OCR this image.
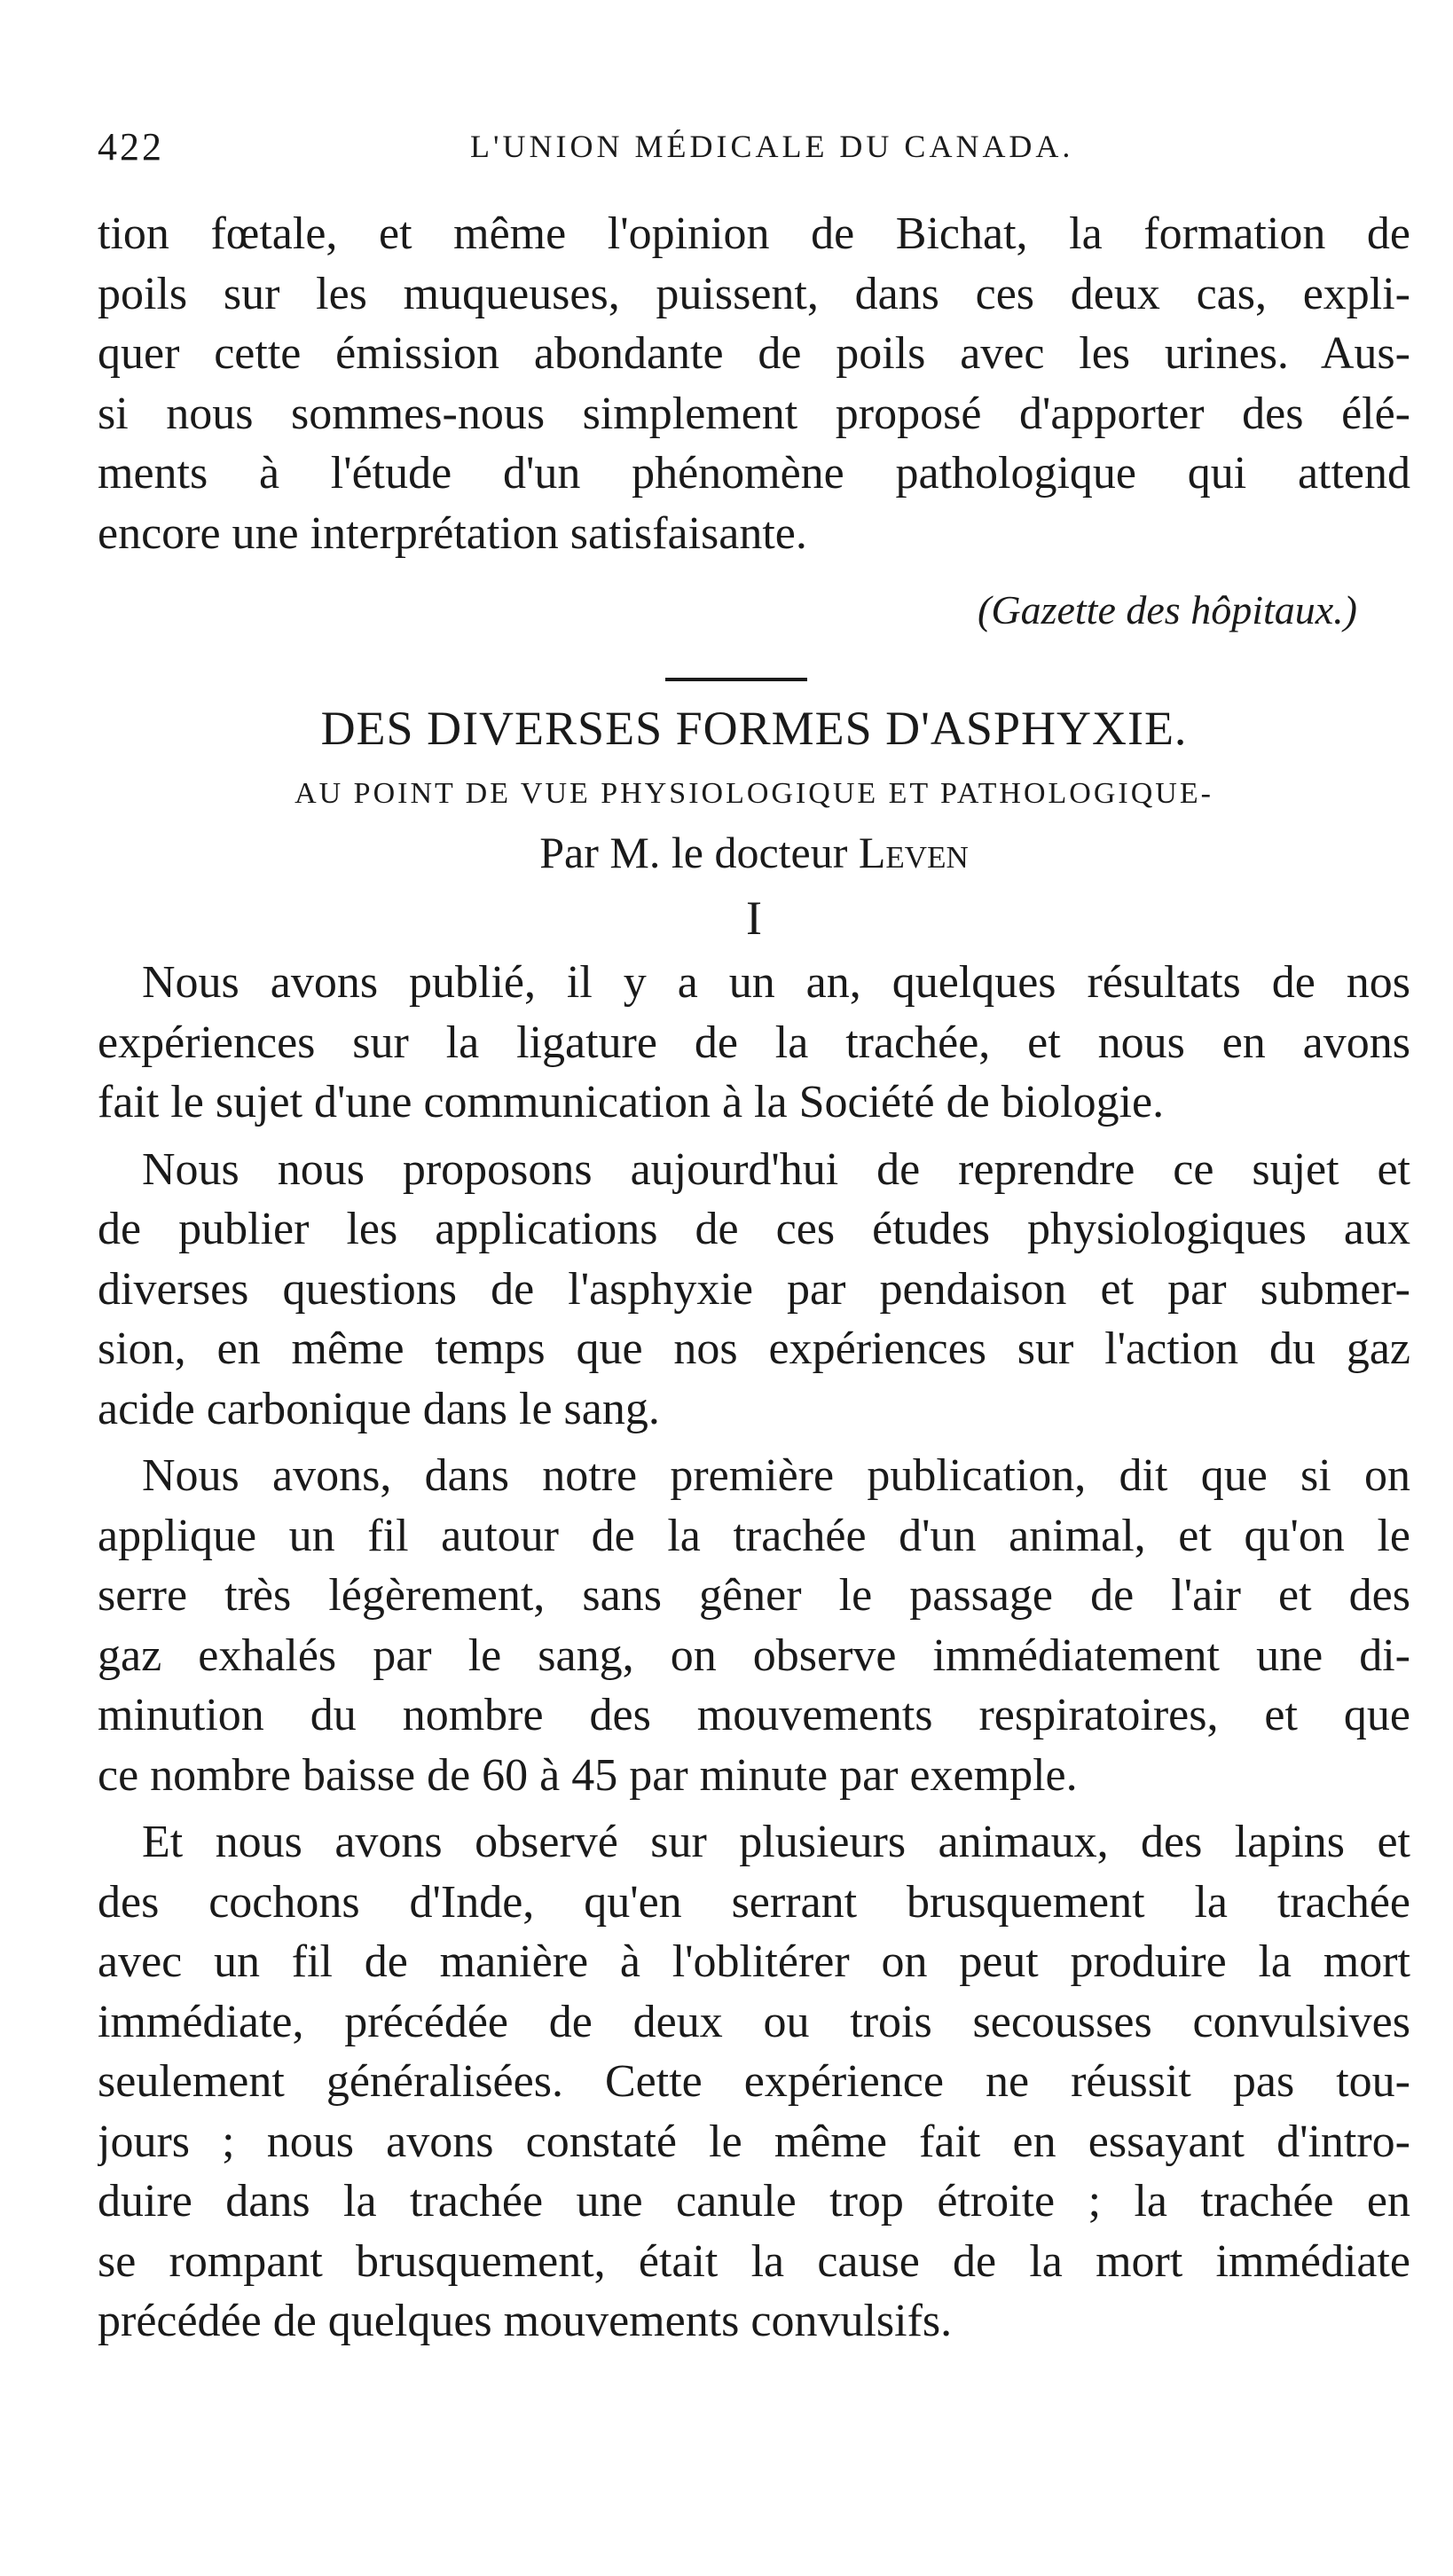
422	L'UNION MÉDICALE DU CANADA.
tion fœtale, et même l'opinion de Bichat, la formation de
poils sur les muqueuses, puissent, dans ces deux cas, expli-
quer cette émission abondante de poils avec les urines. Aus-
si nous sommes-nous simplement proposé d'apporter des élé-
ments à l'étude d'un phénomène pathologique qui attend
encore une interprétation satisfaisante.
(Gazette des hôpitaux.)
DES DIVERSES FORMES D'ASPHYXIE.
AU POINT DE VUE PHYSIOLOGIQUE ET PATHOLOGIQUE-
Par M. le docteur Leven
I
Nous avons publié, il y a un an, quelques résultats de nos
expériences sur la ligature de la trachée, et nous en avons
fait le sujet d'une communication à la Société de biologie.
Nous nous proposons aujourd'hui de reprendre ce sujet et
de publier les applications de ces études physiologiques aux
diverses questions de l'asphyxie par pendaison et par submer-
sion, en même temps que nos expériences sur l'action du gaz
acide carbonique dans le sang.
Nous avons, dans notre première publication, dit que si on
applique un fil autour de la trachée d'un animal, et qu'on le
serre très légèrement, sans gêner le passage de l'air et des
gaz exhalés par le sang, on observe immédiatement une di-
minution du nombre des mouvements respiratoires, et que
ce nombre baisse de 60 à 45 par minute par exemple.
Et nous avons observé sur plusieurs animaux, des lapins et
des cochons d'Inde, qu'en serrant brusquement la trachée
avec un fil de manière à l'oblitérer on peut produire la mort
immédiate, précédée de deux ou trois secousses convulsives
seulement généralisées. Cette expérience ne réussit pas tou-
jours ; nous avons constaté le même fait en essayant d'intro-
duire dans la trachée une canule trop étroite ; la trachée en
se rompant brusquement, était la cause de la mort immédiate
précédée de quelques mouvements convulsifs.
